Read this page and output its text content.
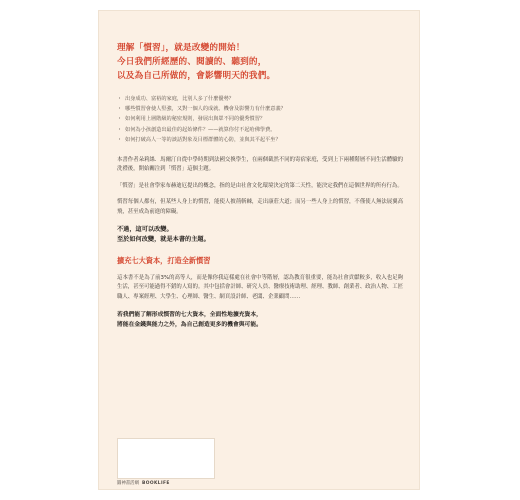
理解「慣習」，就是改變的開始！
今日我們所經歷的、閱讀的、聽到的，
以及為自己所做的，會影響明天的我們。
・ 出身成功、富裕的家庭，比別人多了什麼優勢？
・ 哪些慣習會使人堅強，又對一個人的成就、機會及影響力有什麼意義？
・ 如何利用上層階級的秘密規則，發展出與眾不同的優秀慣習？
・ 如何為小孩創造出最佳的起始條件？——就算你付不起哈佛學費。
・ 如何打破高人一等的談話對象及目標群體的心防，並與其平起平坐？

本書作者朵莉絲．馬爾汀自從中學時期到法國交換學生，在兩個截然不同的寄宿家庭，受到上下兩種階層不同生活體驗的洗禮後，開始關注到「慣習」這個主題。

「慣習」是社會學家布赫迪厄提出的概念，指的是由社會文化環境決定的第二天性，能決定我們在這個世界的所有行為。

慣習每個人都有，但某些人身上的慣習，能使人披荊斬棘，走出康莊大道；而另一些人身上的慣習，不僅使人無法展翼高飛，甚至成為前進的障礙。

不過，這可以改變。

至於如何改變，就是本書的主題。

擴充七大資本，打造全新慣習

這本書不是為了前3%的高等人，而是像你我這樣處在社會中等階層，認為教育很重要，能為社會貢獻較多，收入也足夠生活，甚至可能過得不錯的人寫的。其中包括會計師、研究人員、醫療技術助理、經理、教師、創業者、政治人物、工匠職人、專案經理、大學生、心理師、醫生、網頁設計師、老闆、企業顧問……

若我們能了解形成慣習的七大資本，全面性地擴充資本，
將能在金錢與能力之外，為自己創造更多的機會與可能。
圓神書活網 BOOKLIFE
